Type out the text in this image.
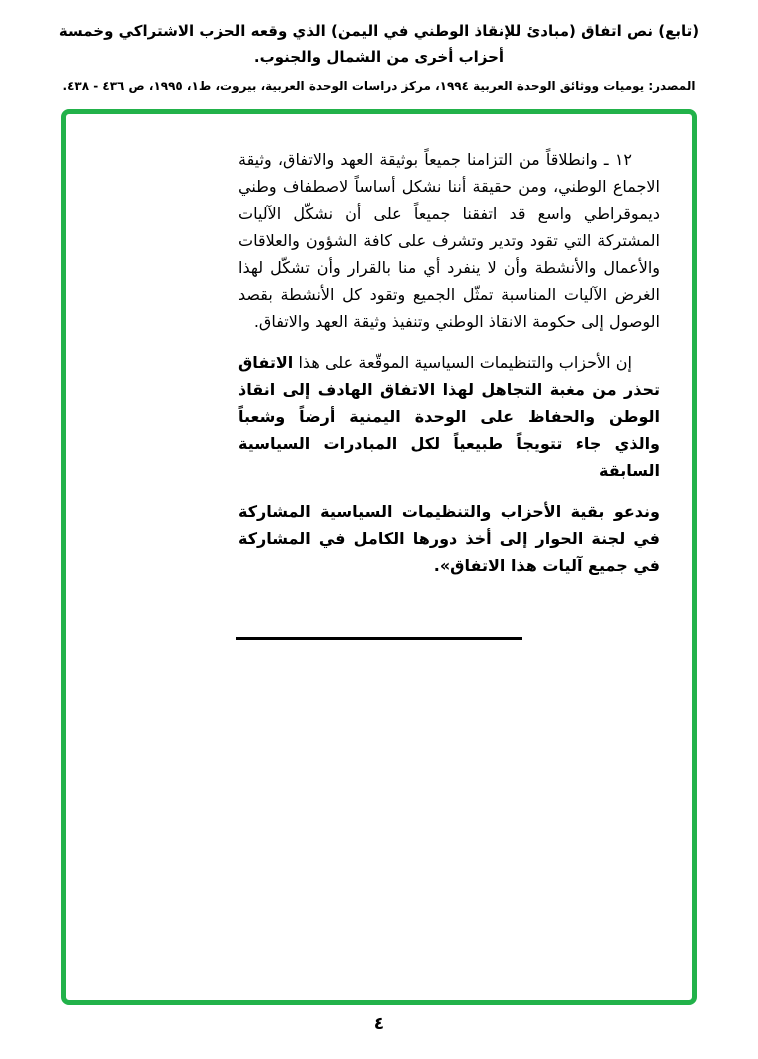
(تابع) نص اتفاق (مبادئ للإنقاذ الوطني في اليمن) الذي وقعه الحزب الاشتراكي وخمسة أحزاب أخرى من الشمال والجنوب.
المصدر: يوميات ووثائق الوحدة العربية ١٩٩٤، مركز دراسات الوحدة العربية، بيروت، ط١، ١٩٩٥، ص ٤٣٦ - ٤٣٨.

١٢ ـ وانطلاقاً من التزامنا جميعاً بوثيقة العهد والاتفاق، وثيقة الاجماع الوطني، ومن حقيقة أننا نشكل أساساً لاصطفاف وطني ديموقراطي واسع قد اتفقنا جميعاً على أن نشكّل الآليات المشتركة التي تقود وتدير وتشرف على كافة الشؤون والعلاقات والأعمال والأنشطة وأن لا ينفرد أي منا بالقرار وأن تشكّل لهذا الغرض الآليات المناسبة تمثّل الجميع وتقود كل الأنشطة بقصد الوصول إلى حكومة الانقاذ الوطني وتنفيذ وثيقة العهد والاتفاق.

إن الأحزاب والتنظيمات السياسية الموقّعة على هذا الاتفاق تحذر من مغبة التجاهل لهذا الاتفاق الهادف إلى انقاذ الوطن والحفاظ على الوحدة اليمنية أرضاً وشعباً والذي جاء تتويجاً طبيعياً لكل المبادرات السياسية السابقة

وندعو بقية الأحزاب والتنظيمات السياسية المشاركة في لجنة الحوار إلى أخذ دورها الكامل في المشاركة في جميع آليات هذا الاتفاق».

٤
